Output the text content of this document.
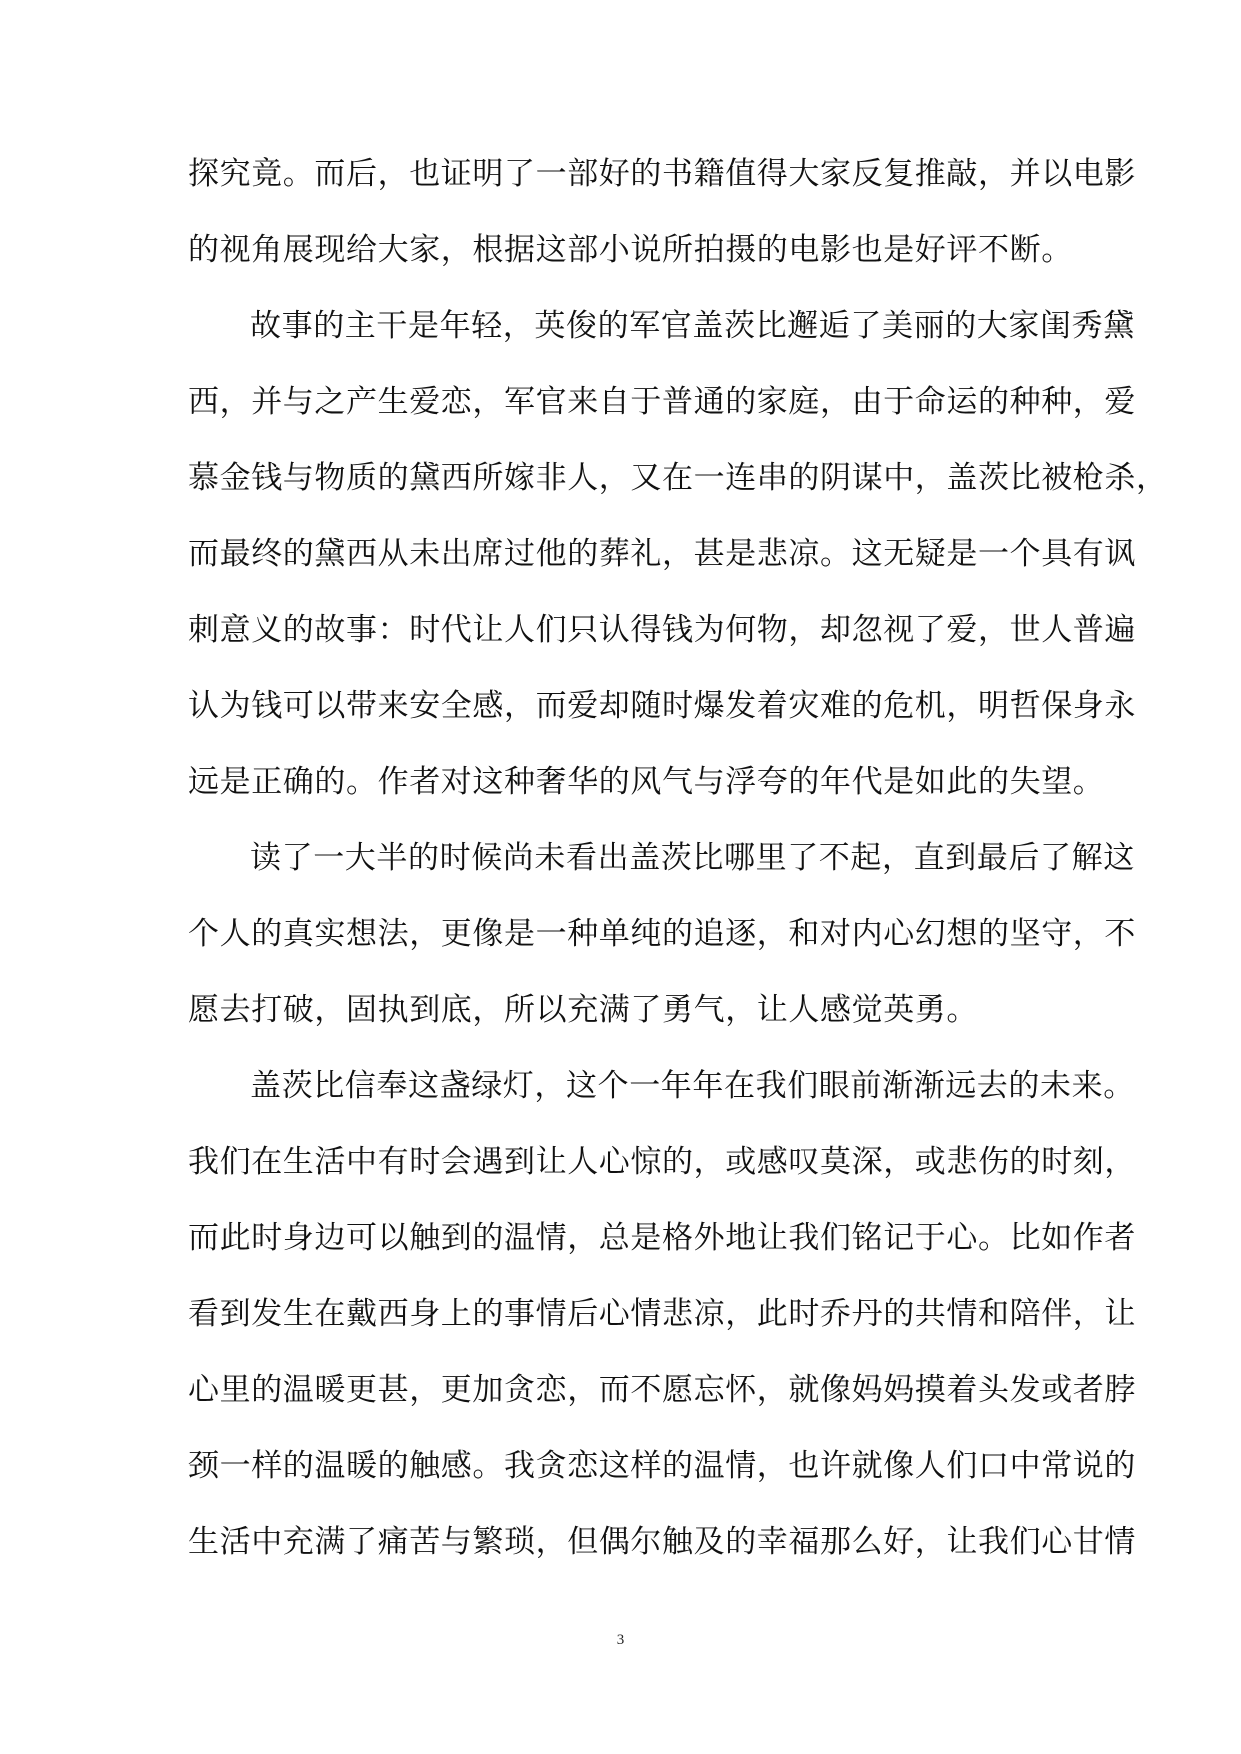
探究竟。而后，也证明了一部好的书籍值得大家反复推敲，并以电影
的视角展现给大家，根据这部小说所拍摄的电影也是好评不断。
故事的主干是年轻，英俊的军官盖茨比邂逅了美丽的大家闺秀黛
西，并与之产生爱恋，军官来自于普通的家庭，由于命运的种种，爱
慕金钱与物质的黛西所嫁非人，又在一连串的阴谋中，盖茨比被枪杀，
而最终的黛西从未出席过他的葬礼，甚是悲凉。这无疑是一个具有讽
刺意义的故事：时代让人们只认得钱为何物，却忽视了爱，世人普遍
认为钱可以带来安全感，而爱却随时爆发着灾难的危机，明哲保身永
远是正确的。作者对这种奢华的风气与浮夸的年代是如此的失望。
读了一大半的时候尚未看出盖茨比哪里了不起，直到最后了解这
个人的真实想法，更像是一种单纯的追逐，和对内心幻想的坚守，不
愿去打破，固执到底，所以充满了勇气，让人感觉英勇。
盖茨比信奉这盏绿灯，这个一年年在我们眼前渐渐远去的未来。
我们在生活中有时会遇到让人心惊的，或感叹莫深，或悲伤的时刻，
而此时身边可以触到的温情，总是格外地让我们铭记于心。比如作者
看到发生在戴西身上的事情后心情悲凉，此时乔丹的共情和陪伴，让
心里的温暖更甚，更加贪恋，而不愿忘怀，就像妈妈摸着头发或者脖
颈一样的温暖的触感。我贪恋这样的温情，也许就像人们口中常说的
生活中充满了痛苦与繁琐，但偶尔触及的幸福那么好，让我们心甘情
3
